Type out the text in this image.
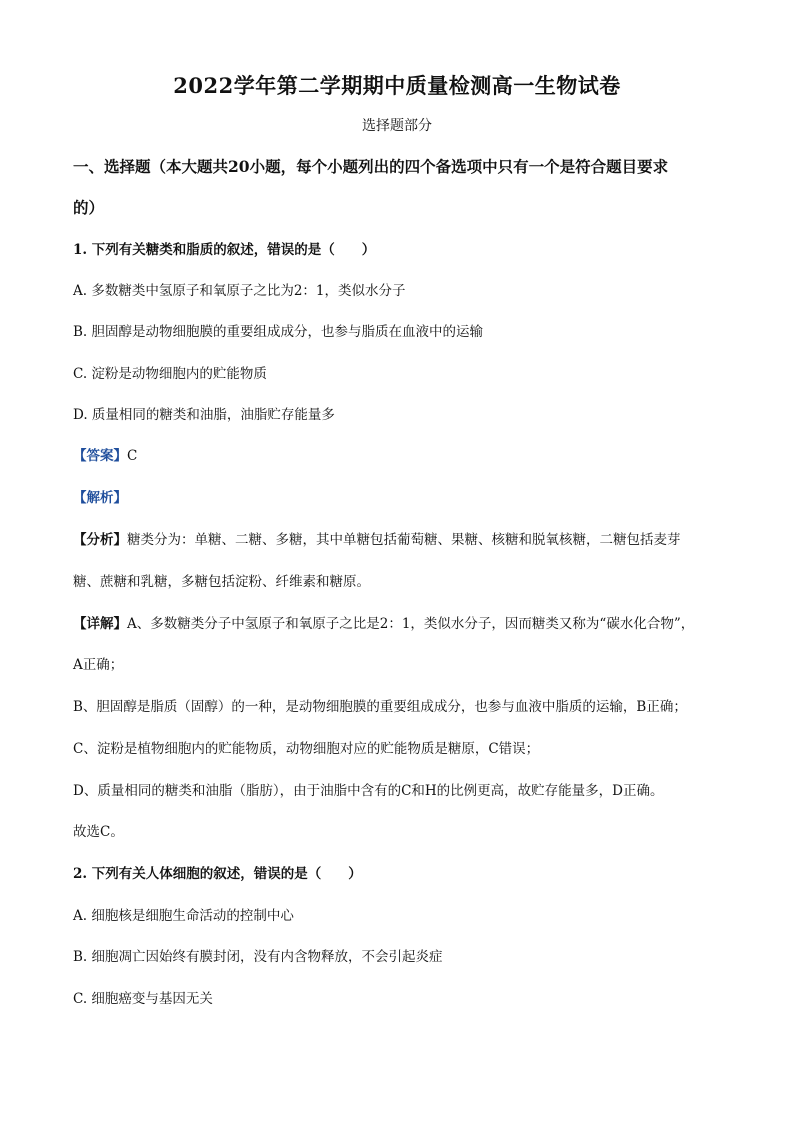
2022学年第二学期期中质量检测高一生物试卷
选择题部分
一、选择题（本大题共20小题，每个小题列出的四个备选项中只有一个是符合题目要求
的）
1. 下列有关糖类和脂质的叙述，错误的是（　　）
A. 多数糖类中氢原子和氧原子之比为2：1，类似水分子
B. 胆固醇是动物细胞膜的重要组成成分，也参与脂质在血液中的运输
C. 淀粉是动物细胞内的贮能物质
D. 质量相同的糖类和油脂，油脂贮存能量多
【答案】C
【解析】
【分析】糖类分为：单糖、二糖、多糖，其中单糖包括葡萄糖、果糖、核糖和脱氧核糖，二糖包括麦芽
糖、蔗糖和乳糖，多糖包括淀粉、纤维素和糖原。
【详解】A、多数糖类分子中氢原子和氧原子之比是2：1，类似水分子，因而糖类又称为“碳水化合物”，
A正确；
B、胆固醇是脂质（固醇）的一种，是动物细胞膜的重要组成成分，也参与血液中脂质的运输，B正确；
C、淀粉是植物细胞内的贮能物质，动物细胞对应的贮能物质是糖原，C错误；
D、质量相同的糖类和油脂（脂肪），由于油脂中含有的C和H的比例更高，故贮存能量多，D正确。
故选C。
2. 下列有关人体细胞的叙述，错误的是（　　）
A. 细胞核是细胞生命活动的控制中心
B. 细胞凋亡因始终有膜封闭，没有内含物释放，不会引起炎症
C. 细胞癌变与基因无关
